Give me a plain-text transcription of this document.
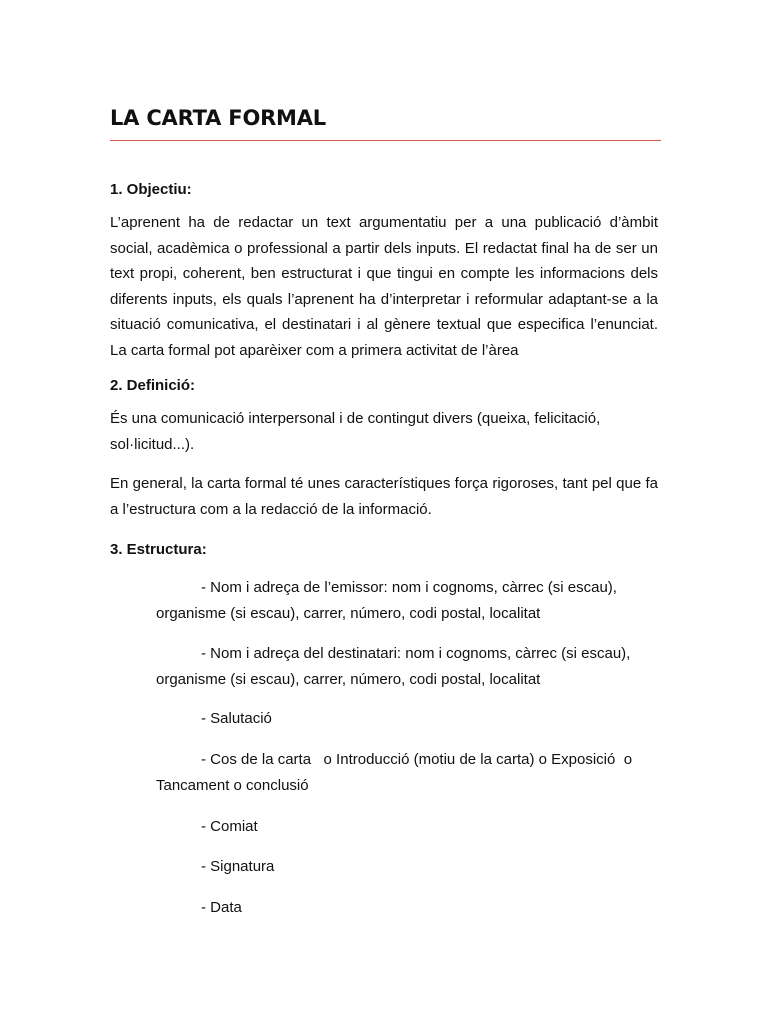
LA CARTA FORMAL
1. Objectiu:

L’aprenent ha de redactar un text argumentatiu per a una publicació d’àmbit social, acadèmica o professional a partir dels inputs. El redactat final ha de ser un text propi, coherent, ben estructurat i que tingui en compte les informacions dels diferents inputs, els quals l’aprenent ha d’interpretar i reformular adaptant-se a la situació comunicativa, el destinatari i al gènere textual que especifica l’enunciat. La carta formal pot aparèixer com a primera activitat de l’àrea

2. Definició:

És una comunicació interpersonal i de contingut divers (queixa, felicitació, sol·licitud...).

En general, la carta formal té unes característiques força rigoroses, tant pel que fa a l’estructura com a la redacció de la informació.

3. Estructura:
- Nom i adreça de l’emissor: nom i cognoms, càrrec (si escau),
organisme (si escau), carrer, número, codi postal, localitat
- Nom i adreça del destinatari: nom i cognoms, càrrec (si escau),
organisme (si escau), carrer, número, codi postal, localitat
- Salutació
- Cos de la carta   o Introducció (motiu de la carta) o Exposició  o
Tancament o conclusió
- Comiat
- Signatura
- Data
